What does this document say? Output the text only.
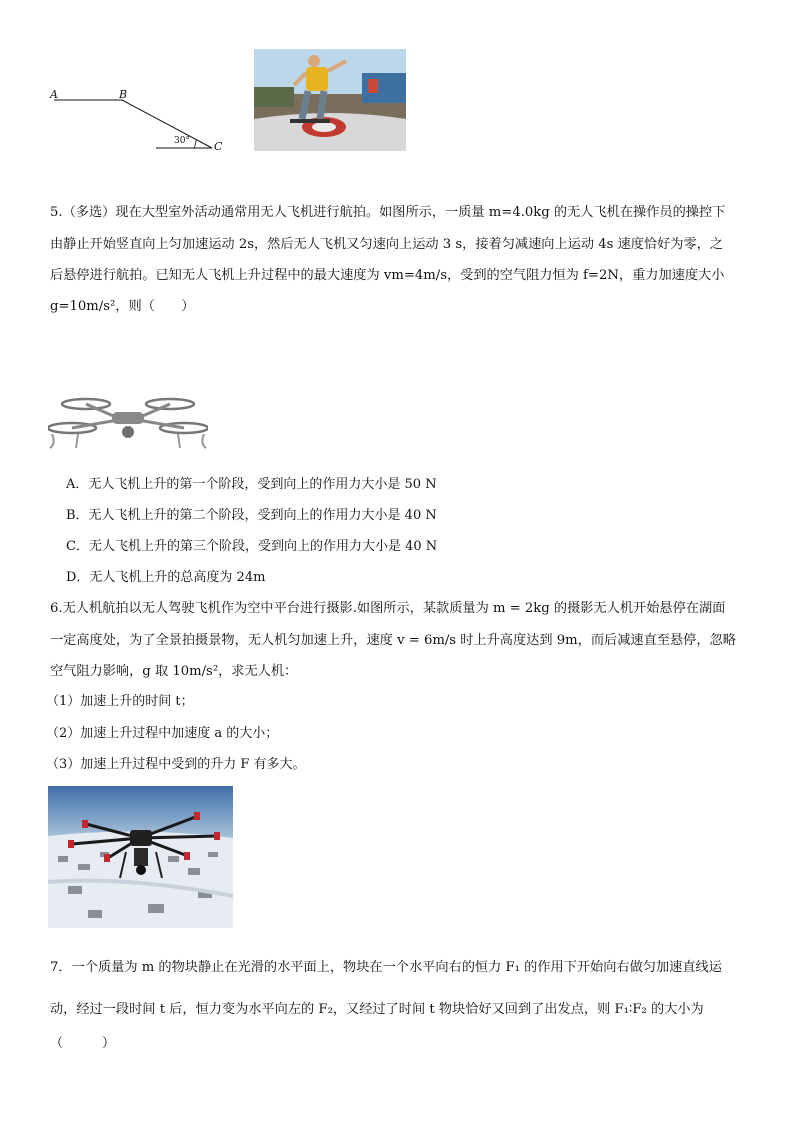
A	B
C
30°
5.（多选）现在大型室外活动通常用无人飞机进行航拍。如图所示，一质量 m=4.0kg 的无人飞机在操作员的操控下
由静止开始竖直向上匀加速运动 2s，然后无人飞机又匀速向上运动 3 s，接着匀减速向上运动 4s 速度恰好为零，之
后悬停进行航拍。已知无人飞机上升过程中的最大速度为 vm=4m/s，受到的空气阻力恒为 f=2N，重力加速度大小
g=10m/s²，则（　　）
A．无人飞机上升的第一个阶段，受到向上的作用力大小是 50 N
B．无人飞机上升的第二个阶段，受到向上的作用力大小是 40 N
C．无人飞机上升的第三个阶段，受到向上的作用力大小是 40 N
D．无人飞机上升的总高度为 24m
6.无人机航拍以无人驾驶飞机作为空中平台进行摄影.如图所示，某款质量为 m = 2kg 的摄影无人机开始悬停在湖面
一定高度处，为了全景拍摄景物，无人机匀加速上升，速度 v = 6m/s 时上升高度达到 9m，而后减速直至悬停，忽略
空气阻力影响，g 取 10m/s²，求无人机：
（1）加速上升的时间 t；
（2）加速上升过程中加速度 a 的大小；
（3）加速上升过程中受到的升力 F 有多大。
7．一个质量为 m 的物块静止在光滑的水平面上，物块在一个水平向右的恒力 F₁ 的作用下开始向右做匀加速直线运
动，经过一段时间 t 后，恒力变为水平向左的 F₂，又经过了时间 t 物块恰好又回到了出发点，则 F₁∶F₂ 的大小为
（　　　）
